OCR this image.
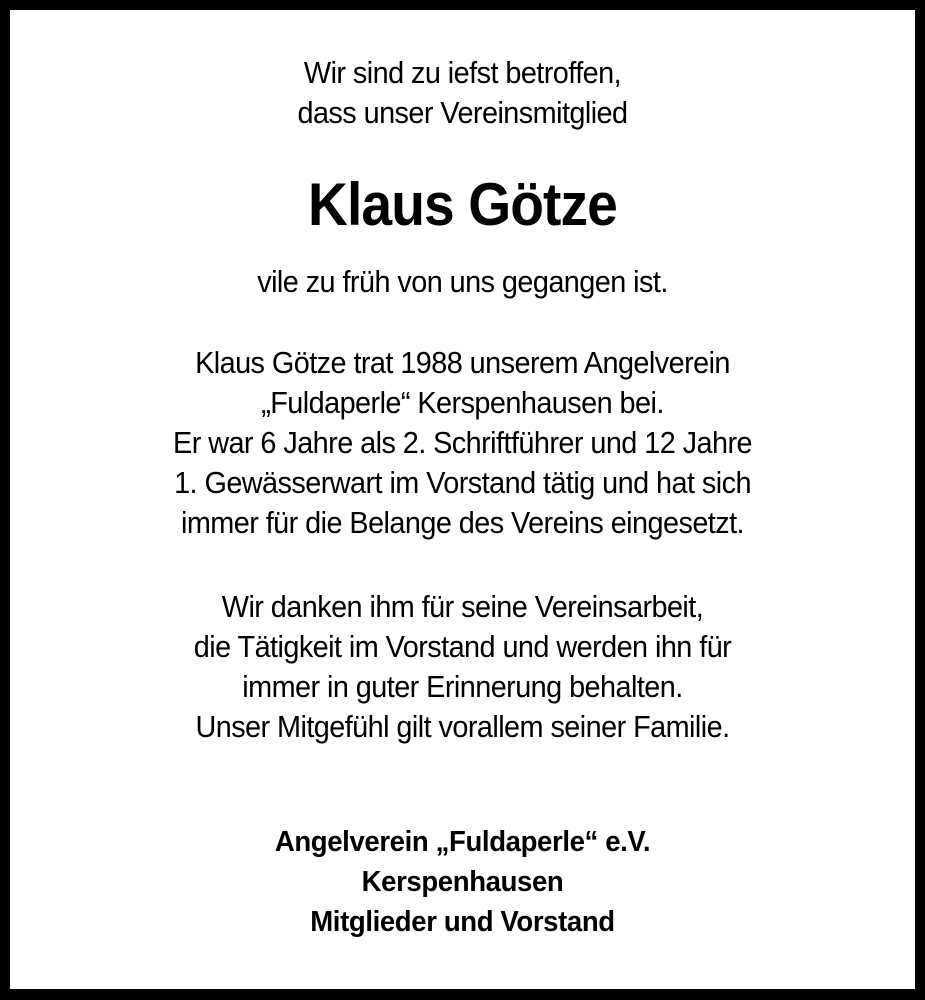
Wir sind zu iefst betroffen,
dass unser Vereinsmitglied
Klaus Götze
vile zu früh von uns gegangen ist.
Klaus Götze trat 1988 unserem Angelverein
„Fuldaperle“ Kerspenhausen bei.
Er war 6 Jahre als 2. Schriftführer und 12 Jahre
1. Gewässerwart im Vorstand tätig und hat sich
immer für die Belange des Vereins eingesetzt.
Wir danken ihm für seine Vereinsarbeit,
die Tätigkeit im Vorstand und werden ihn für
immer in guter Erinnerung behalten.
Unser Mitgefühl gilt vorallem seiner Familie.
Angelverein „Fuldaperle“ e.V.
Kerspenhausen
Mitglieder und Vorstand
